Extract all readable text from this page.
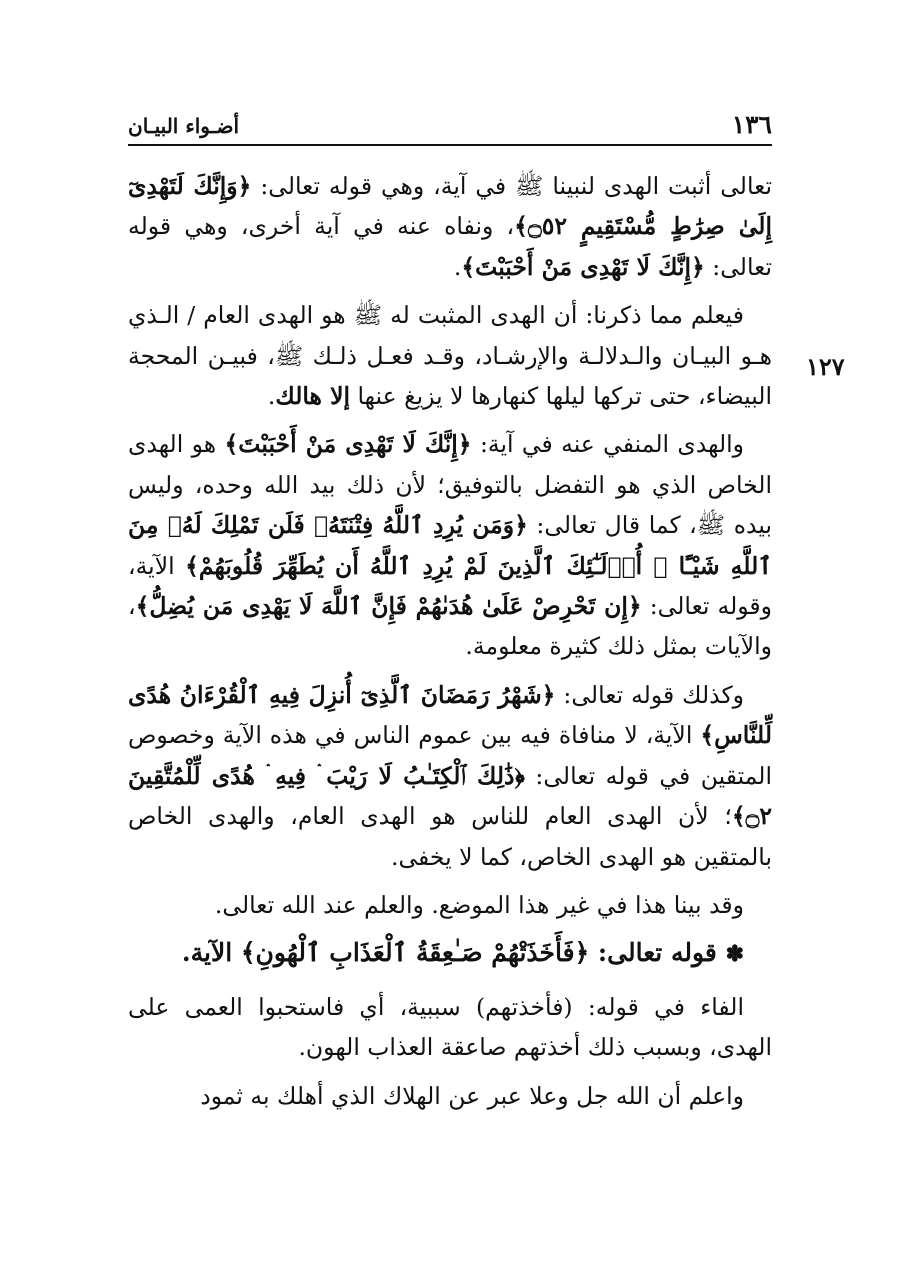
١٣٦
أضـواء البيـان
١٢٧

تعالى أثبت الهدى لنبينا ﷺ في آية، وهي قوله تعالى: ﴿وَإِنَّكَ لَتَهْدِىٓ إِلَىٰ صِرَٰطٍ مُّسْتَقِيمٍ ۝٥٢﴾، ونفاه عنه في آية أخرى، وهي قوله تعالى: ﴿إِنَّكَ لَا تَهْدِى مَنْ أَحْبَبْتَ﴾.

فيعلم مما ذكرنا: أن الهدى المثبت له ﷺ هو الهدى العام / الـذي هـو البيـان والـدلالـة والإرشـاد، وقـد فعـل ذلـك ﷺ، فبيـن المحجة البيضاء، حتى تركها ليلها كنهارها لا يزيغ عنها إلا هالك.

والهدى المنفي عنه في آية: ﴿إِنَّكَ لَا تَهْدِى مَنْ أَحْبَبْتَ﴾ هو الهدى الخاص الذي هو التفضل بالتوفيق؛ لأن ذلك بيد الله وحده، وليس بيده ﷺ، كما قال تعالى: ﴿وَمَن يُرِدِ ٱللَّهُ فِتْنَتَهُۥ فَلَن تَمْلِكَ لَهُۥ مِنَ ٱللَّهِ شَيْـًٔا ۚ أُو۟لَـٰٓئِكَ ٱلَّذِينَ لَمْ يُرِدِ ٱللَّهُ أَن يُطَهِّرَ قُلُوبَهُمْ﴾ الآية، وقوله تعالى: ﴿إِن تَحْرِصْ عَلَىٰ هُدَىٰهُمْ فَإِنَّ ٱللَّهَ لَا يَهْدِى مَن يُضِلُّ﴾، والآيات بمثل ذلك كثيرة معلومة.

وكذلك قوله تعالى: ﴿شَهْرُ رَمَضَانَ ٱلَّذِىٓ أُنزِلَ فِيهِ ٱلْقُرْءَانُ هُدًى لِّلنَّاسِ﴾ الآية، لا منافاة فيه بين عموم الناس في هذه الآية وخصوص المتقين في قوله تعالى: ﴿ذَٰلِكَ ٱلْكِتَـٰبُ لَا رَيْبَ ۛ فِيهِ ۛ هُدًى لِّلْمُتَّقِينَ ۝٢﴾؛ لأن الهدى العام للناس هو الهدى العام، والهدى الخاص بالمتقين هو الهدى الخاص، كما لا يخفى.

وقد بينا هذا في غير هذا الموضع. والعلم عند الله تعالى.

✽ قوله تعالى: ﴿فَأَخَذَتْهُمْ صَـٰعِقَةُ ٱلْعَذَابِ ٱلْهُونِ﴾ الآية.

الفاء في قوله: (فأخذتهم) سببية، أي فاستحبوا العمى على الهدى، وبسبب ذلك أخذتهم صاعقة العذاب الهون.

واعلم أن الله جل وعلا عبر عن الهلاك الذي أهلك به ثمود
